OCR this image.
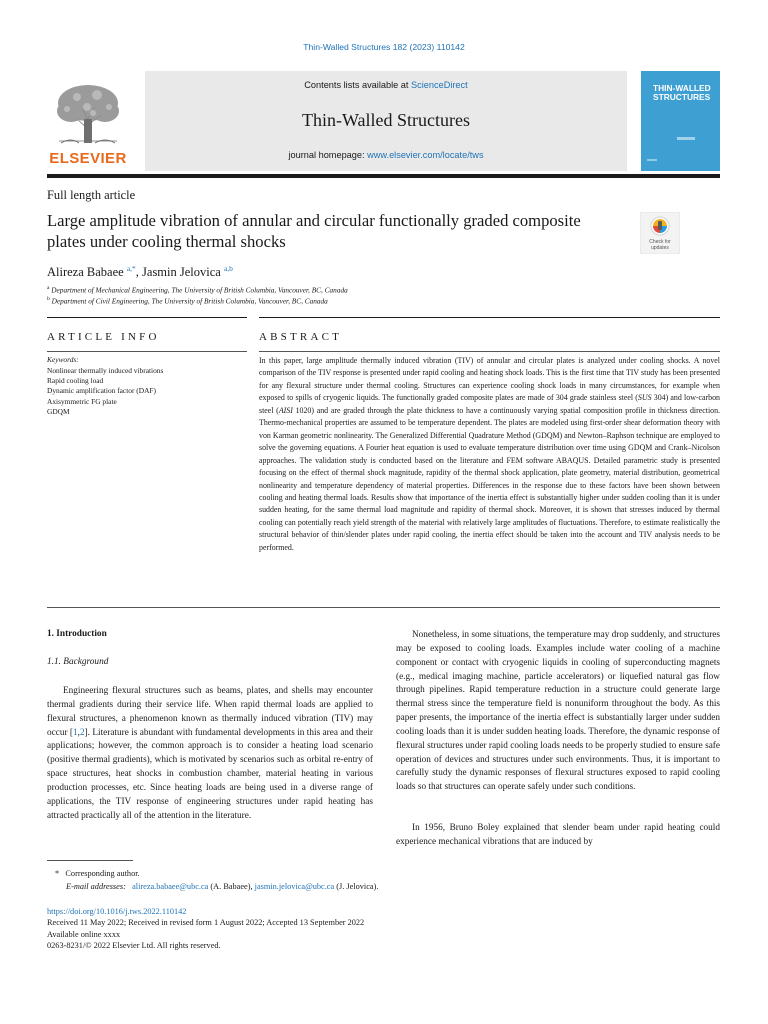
Thin-Walled Structures 182 (2023) 110142
ELSEVIER
Contents lists available at ScienceDirect
Thin-Walled Structures
journal homepage: www.elsevier.com/locate/tws
THIN-WALLED
STRUCTURES
Full length article
Large amplitude vibration of annular and circular functionally graded composite plates under cooling thermal shocks	Check for
updates
Alireza Babaee $^{a,*}$, Jasmin Jelovica $^{a,b}$
$^a$ Department of Mechanical Engineering, The University of British Columbia, Vancouver, BC, Canada
$^b$ Department of Civil Engineering, The University of British Columbia, Vancouver, BC, Canada
ARTICLE INFO
Keywords:
Nonlinear thermally induced vibrations
Rapid cooling load
Dynamic amplification factor (DAF)
Axisymmetric FG plate
GDQM
ABSTRACT
In this paper, large amplitude thermally induced vibration (TIV) of annular and circular plates is analyzed under cooling shocks. A novel comparison of the TIV response is presented under rapid cooling and heating shock loads. This is the first time that TIV study has been presented for any flexural structure under thermal cooling. Structures can experience cooling shock loads in many circumstances, for example when exposed to spills of cryogenic liquids. The functionally graded composite plates are made of 304 grade stainless steel (SUS 304) and low-carbon steel (AISI 1020) and are graded through the plate thickness to have a continuously varying spatial composition profile in thickness direction. Thermo-mechanical properties are assumed to be temperature dependent. The plates are modeled using first-order shear deformation theory with von Karman geometric nonlinearity. The Generalized Differential Quadrature Method (GDQM) and Newton–Raphson technique are employed to solve the governing equations. A Fourier heat equation is used to evaluate temperature distribution over time using GDQM and Crank–Nicolson approaches. The validation study is conducted based on the literature and FEM software ABAQUS. Detailed parametric study is presented focusing on the effect of thermal shock magnitude, rapidity of the thermal shock application, plate geometry, material distribution, geometrical nonlinearity and temperature dependency of material properties. Differences in the response due to these factors have been shown between cooling and heating thermal loads. Results show that importance of the inertia effect is substantially higher under sudden cooling than it is under sudden heating, for the same thermal load magnitude and rapidity of thermal shock. Moreover, it is shown that stresses induced by thermal cooling can potentially reach yield strength of the material with relatively large amplitudes of fluctuations. Therefore, to estimate realistically the structural behavior of thin/slender plates under rapid cooling, the inertia effect should be taken into the account and TIV analysis needs to be performed.
1. Introduction
1.1. Background
Engineering flexural structures such as beams, plates, and shells may encounter thermal gradients during their service life. When rapid thermal loads are applied to flexural structures, a phenomenon known as thermally induced vibration (TIV) may occur [1,2]. Literature is abundant with fundamental developments in this area and their applications; however, the common approach is to consider a heating load scenario (positive thermal gradients), which is motivated by scenarios such as orbital re-entry of space structures, heat shocks in combustion chamber, material heating in various production processes, etc. Since heating loads are being used in a diverse range of applications, the TIV response of engineering structures under rapid heating has attracted practically all of the attention in the literature.
Nonetheless, in some situations, the temperature may drop suddenly, and structures may be exposed to cooling loads. Examples include water cooling of a machine component or contact with cryogenic liquids in cooling of superconducting magnets (e.g., medical imaging machine, particle accelerators) or liquefied natural gas flow through pipelines. Rapid temperature reduction in a structure could generate large thermal stress since the temperature field is nonuniform throughout the body. As this paper presents, the importance of the inertia effect is substantially larger under sudden cooling loads than it is under sudden heating loads. Therefore, the dynamic response of flexural structures under rapid cooling loads needs to be properly studied to ensure safe operation of devices and structures under such environments. Thus, it is important to carefully study the dynamic responses of flexural structures exposed to rapid cooling loads so that structures can operate safely under such conditions.
In 1956, Bruno Boley explained that slender beam under rapid heating could experience mechanical vibrations that are induced by
* Corresponding author.
E-mail addresses: alireza.babaee@ubc.ca (A. Babaee), jasmin.jelovica@ubc.ca (J. Jelovica).
https://doi.org/10.1016/j.tws.2022.110142
Received 11 May 2022; Received in revised form 1 August 2022; Accepted 13 September 2022
Available online xxxx
0263-8231/© 2022 Elsevier Ltd. All rights reserved.
